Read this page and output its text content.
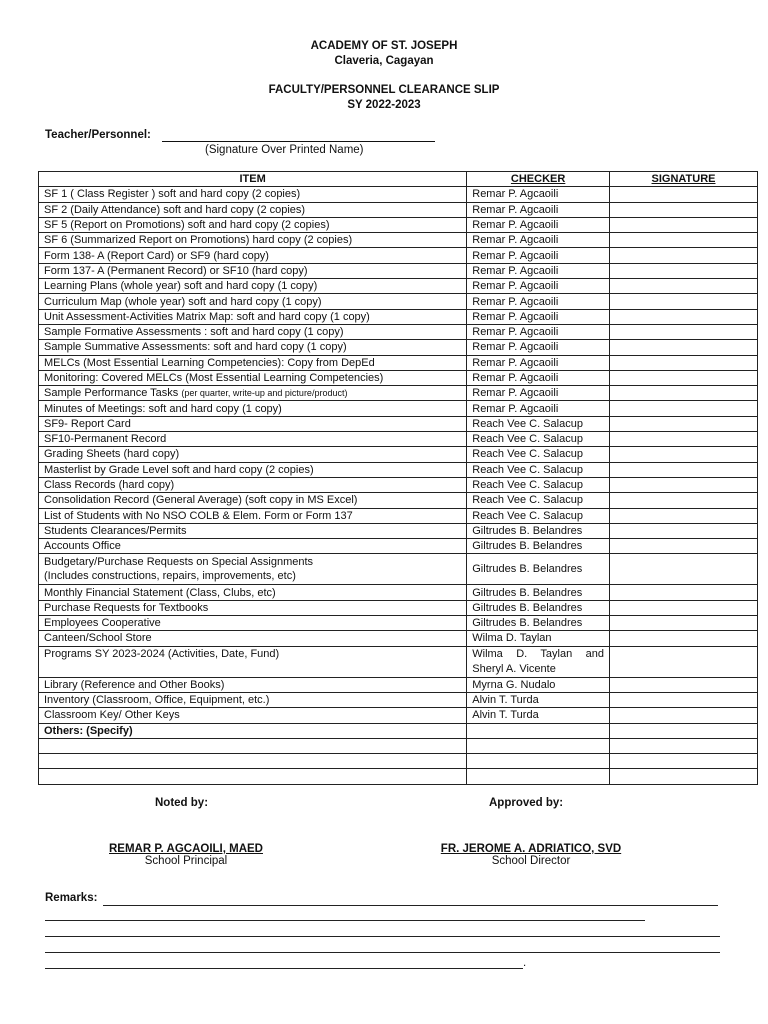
ACADEMY OF ST. JOSEPH
Claveria, Cagayan
FACULTY/PERSONNEL CLEARANCE SLIP
SY 2022-2023
Teacher/Personnel:
(Signature Over Printed Name)
ITEM	CHECKER	SIGNATURE
SF 1 ( Class Register ) soft and hard copy (2 copies)	Remar P. Agcaoili	
SF 2 (Daily Attendance) soft and hard copy (2 copies)	Remar P. Agcaoili	
SF 5 (Report on Promotions) soft and hard copy (2 copies)	Remar P. Agcaoili	
SF 6 (Summarized Report on Promotions) hard copy (2 copies)	Remar P. Agcaoili	
Form 138- A (Report Card) or SF9 (hard copy)	Remar P. Agcaoili	
Form 137- A (Permanent Record) or SF10 (hard copy)	Remar P. Agcaoili	
Learning Plans (whole year) soft and hard copy (1 copy)	Remar P. Agcaoili	
Curriculum Map (whole year) soft and hard copy (1 copy)	Remar P. Agcaoili	
Unit Assessment-Activities Matrix Map: soft and hard copy (1 copy)	Remar P. Agcaoili	
Sample Formative Assessments : soft and hard copy (1 copy)	Remar P. Agcaoili	
Sample Summative Assessments: soft and hard copy (1 copy)	Remar P. Agcaoili	
MELCs (Most Essential Learning Competencies): Copy from DepEd	Remar P. Agcaoili	
Monitoring: Covered MELCs (Most Essential Learning Competencies)	Remar P. Agcaoili	
Sample Performance Tasks (per quarter, write-up and picture/product)	Remar P. Agcaoili	
Minutes of Meetings: soft and hard copy (1 copy)	Remar P. Agcaoili	
SF9- Report Card	Reach Vee C. Salacup	
SF10-Permanent Record	Reach Vee C. Salacup	
Grading Sheets (hard copy)	Reach Vee C. Salacup	
Masterlist by Grade Level soft and hard copy (2 copies)	Reach Vee C. Salacup	
Class Records (hard copy)	Reach Vee C. Salacup	
Consolidation Record (General Average) (soft copy in MS Excel)	Reach Vee C. Salacup	
List of Students with No NSO COLB & Elem. Form or Form 137	Reach Vee C. Salacup	
Students Clearances/Permits	Giltrudes B. Belandres	
Accounts Office	Giltrudes B. Belandres	
Budgetary/Purchase Requests on Special Assignments
(Includes constructions, repairs, improvements, etc)	Giltrudes B. Belandres	
Monthly Financial Statement (Class, Clubs, etc)	Giltrudes B. Belandres	
Purchase Requests for Textbooks	Giltrudes B. Belandres	
Employees Cooperative	Giltrudes B. Belandres	
Canteen/School Store	Wilma D. Taylan	
Programs SY 2023-2024 (Activities, Date, Fund)	Wilma D. Taylan and
Sheryl A. Vicente	

Library (Reference and Other Books)	Myrna G. Nudalo	
Inventory (Classroom, Office, Equipment, etc.)	Alvin T. Turda	
Classroom Key/ Other Keys	Alvin T. Turda	
Others: (Specify)		

Noted by:	Approved by:
REMAR P. AGCAOILI, MAED
School Principal
FR. JEROME A. ADRIATICO, SVD
School Director
Remarks:
.
